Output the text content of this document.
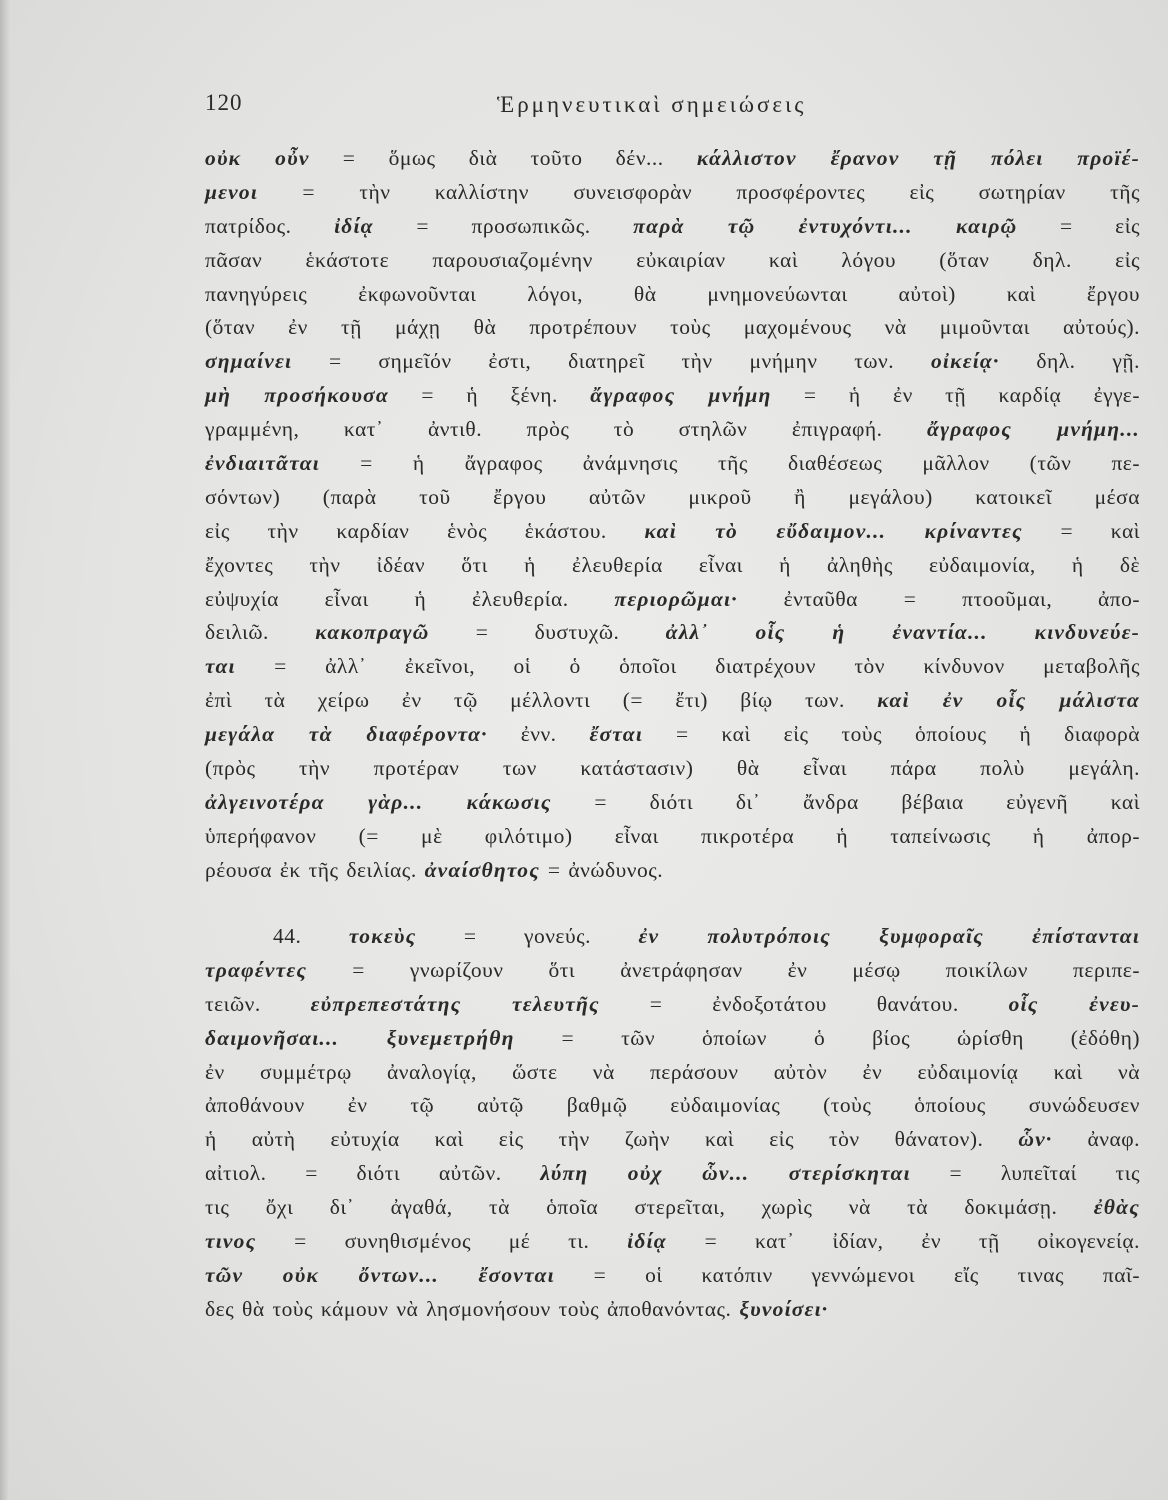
120	Ἑρμηνευτικαὶ σημειώσεις
οὐκ οὖν = ὅμως διὰ τοῦτο δέν... κάλλιστον ἔρανον τῇ πόλει προϊέ-
μενοι = τὴν καλλίστην συνεισφορὰν προσφέροντες εἰς σωτηρίαν τῆς
πατρίδος. ἰδίᾳ = προσωπικῶς. παρὰ τῷ ἐντυχόντι... καιρῷ = εἰς
πᾶσαν ἑκάστοτε παρουσιαζομένην εὐκαιρίαν καὶ λόγου (ὅταν δηλ. εἰς
πανηγύρεις ἐκφωνοῦνται λόγοι, θὰ μνημονεύωνται αὐτοὶ) καὶ ἔργου
(ὅταν ἐν τῇ μάχῃ θὰ προτρέπουν τοὺς μαχομένους νὰ μιμοῦνται αὐτούς).
σημαίνει = σημεῖόν ἐστι, διατηρεῖ τὴν μνήμην των. οἰκείᾳ· δηλ. γῇ.
μὴ προσήκουσα = ἡ ξένη. ἄγραφος μνήμη = ἡ ἐν τῇ καρδίᾳ ἐγγε-
γραμμένη, κατ᾿ ἀντιθ. πρὸς τὸ στηλῶν ἐπιγραφή. ἄγραφος μνήμη...
ἐνδιαιτᾶται = ἡ ἄγραφος ἀνάμνησις τῆς διαθέσεως μᾶλλον (τῶν πε-
σόντων) (παρὰ τοῦ ἔργου αὐτῶν μικροῦ ἢ μεγάλου) κατοικεῖ μέσα
εἰς τὴν καρδίαν ἑνὸς ἑκάστου. καὶ τὸ εὔδαιμον... κρίναντες = καὶ
ἔχοντες τὴν ἰδέαν ὅτι ἡ ἐλευθερία εἶναι ἡ ἀληθὴς εὐδαιμονία, ἡ δὲ
εὐψυχία εἶναι ἡ ἐλευθερία. περιορῶμαι· ἐνταῦθα = πτοοῦμαι, ἀπο-
δειλιῶ. κακοπραγῶ = δυστυχῶ. ἀλλ᾿ οἷς ἡ ἐναντία... κινδυνεύε-
ται = ἀλλ᾿ ἐκεῖνοι, οἱ ὁ ὁποῖοι διατρέχουν τὸν κίνδυνον μεταβολῆς
ἐπὶ τὰ χείρω ἐν τῷ μέλλοντι (= ἔτι) βίῳ των. καὶ ἐν οἷς μάλιστα
μεγάλα τὰ διαφέροντα· ἐνν. ἔσται = καὶ εἰς τοὺς ὁποίους ἡ διαφορὰ
(πρὸς τὴν προτέραν των κατάστασιν) θὰ εἶναι πάρα πολὺ μεγάλη.
ἀλγεινοτέρα γὰρ... κάκωσις = διότι δι᾿ ἄνδρα βέβαια εὐγενῆ καὶ
ὑπερήφανον (= μὲ φιλότιμο) εἶναι πικροτέρα ἡ ταπείνωσις ἡ ἀπορ-
ρέουσα ἐκ τῆς δειλίας. ἀναίσθητος = ἀνώδυνος.
44. τοκεὺς = γονεύς. ἐν πολυτρόποις ξυμφοραῖς ἐπίστανται
τραφέντες = γνωρίζουν ὅτι ἀνετράφησαν ἐν μέσῳ ποικίλων περιπε-
τειῶν. εὐπρεπεστάτης τελευτῆς = ἐνδοξοτάτου θανάτου. οἷς ἐνευ-
δαιμονῆσαι... ξυνεμετρήθη = τῶν ὁποίων ὁ βίος ὡρίσθη (ἐδόθη)
ἐν συμμέτρῳ ἀναλογίᾳ, ὥστε νὰ περάσουν αὐτὸν ἐν εὐδαιμονίᾳ καὶ νὰ
ἀποθάνουν ἐν τῷ αὐτῷ βαθμῷ εὐδαιμονίας (τοὺς ὁποίους συνώδευσεν
ἡ αὐτὴ εὐτυχία καὶ εἰς τὴν ζωὴν καὶ εἰς τὸν θάνατον). ὧν· ἀναφ.
αἰτιολ. = διότι αὐτῶν. λύπη οὐχ ὧν... στερίσκηται = λυπεῖταί τις
τις ὄχι δι᾿ ἀγαθά, τὰ ὁποῖα στερεῖται, χωρὶς νὰ τὰ δοκιμάσῃ. ἐθὰς
τινος = συνηθισμένος μέ τι. ἰδίᾳ = κατ᾿ ἰδίαν, ἐν τῇ οἰκογενείᾳ.
τῶν οὐκ ὄντων... ἔσονται = οἱ κατόπιν γεννώμενοι εἴς τινας παῖ-
δες θὰ τοὺς κάμουν νὰ λησμονήσουν τοὺς ἀποθανόντας. ξυνοίσει·
